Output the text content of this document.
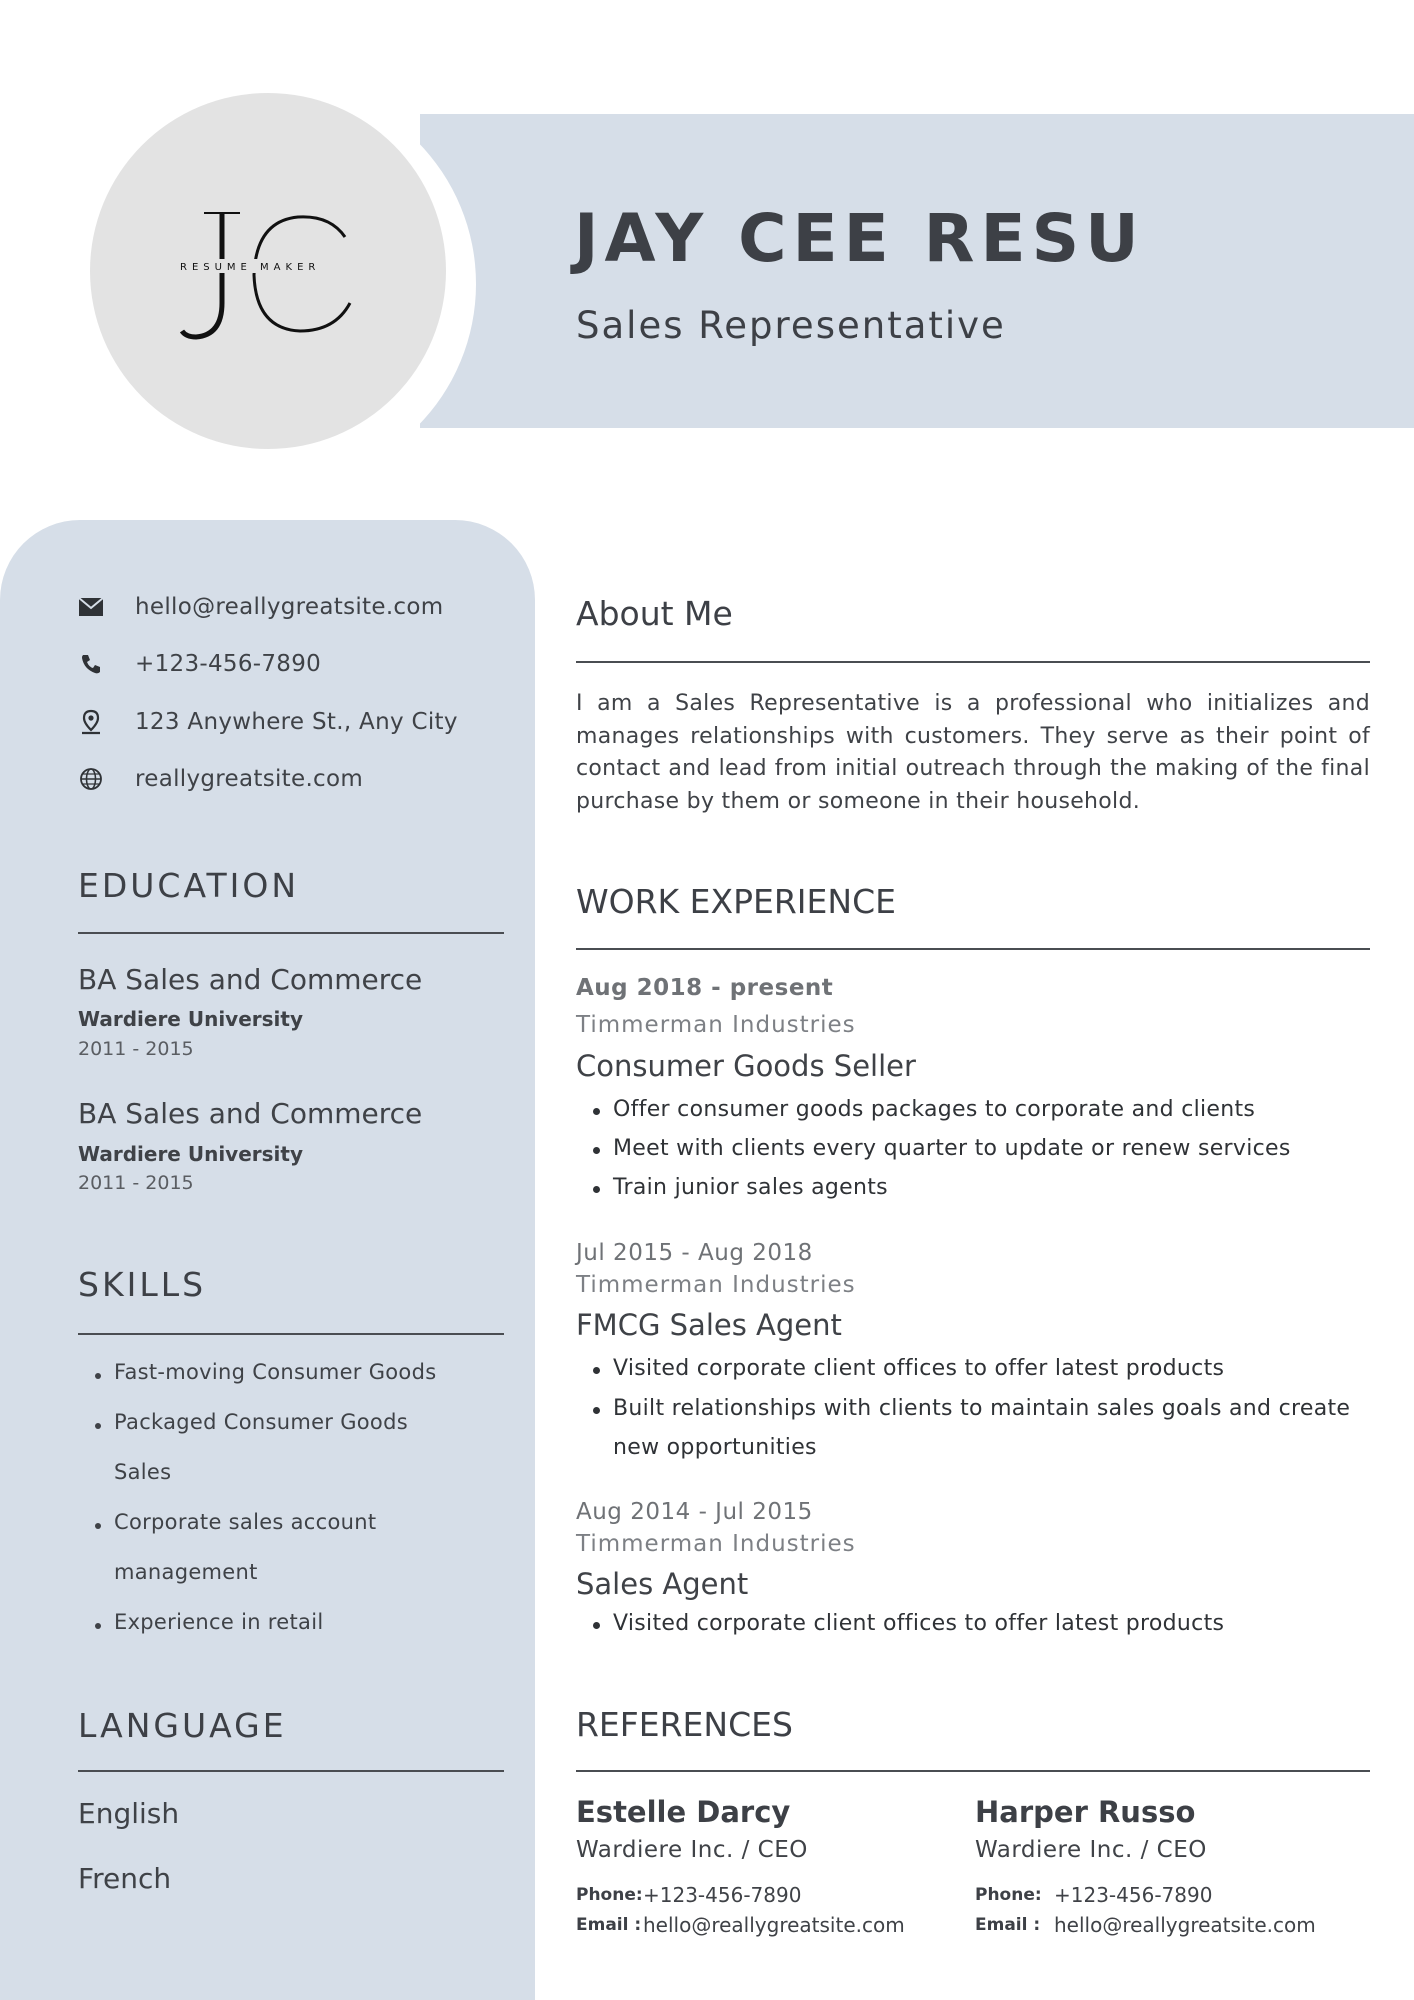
RESUME MAKER	JAY CEE RESU
Sales Representative
hello@reallygreatsite.com
+123-456-7890
123 Anywhere St., Any City
reallygreatsite.com
EDUCATION
BA Sales and Commerce
Wardiere University
2011 - 2015
BA Sales and Commerce
Wardiere University
2011 - 2015
SKILLS
Fast-moving Consumer Goods
Packaged Consumer Goods
Sales
Corporate sales account
management
Experience in retail
LANGUAGE
English
French
About Me
I am a Sales Representative is a professional who initializes and manages relationships with customers. They serve as their point of contact and lead from initial outreach through the making of the final purchase by them or someone in their household.
WORK EXPERIENCE
Aug 2018 - present
Timmerman Industries
Consumer Goods Seller
Offer consumer goods packages to corporate and clients
Meet with clients every quarter to update or renew services
Train junior sales agents
Jul 2015 - Aug 2018
Timmerman Industries
FMCG Sales Agent
Visited corporate client offices to offer latest products
Built relationships with clients to maintain sales goals and create
new opportunities
Aug 2014 - Jul 2015
Timmerman Industries
Sales Agent
Visited corporate client offices to offer latest products
REFERENCES
Estelle Darcy
Wardiere Inc. / CEO
Phone: +123-456-7890
Email : hello@reallygreatsite.com
Harper Russo
Wardiere Inc. / CEO
Phone: +123-456-7890
Email : hello@reallygreatsite.com
